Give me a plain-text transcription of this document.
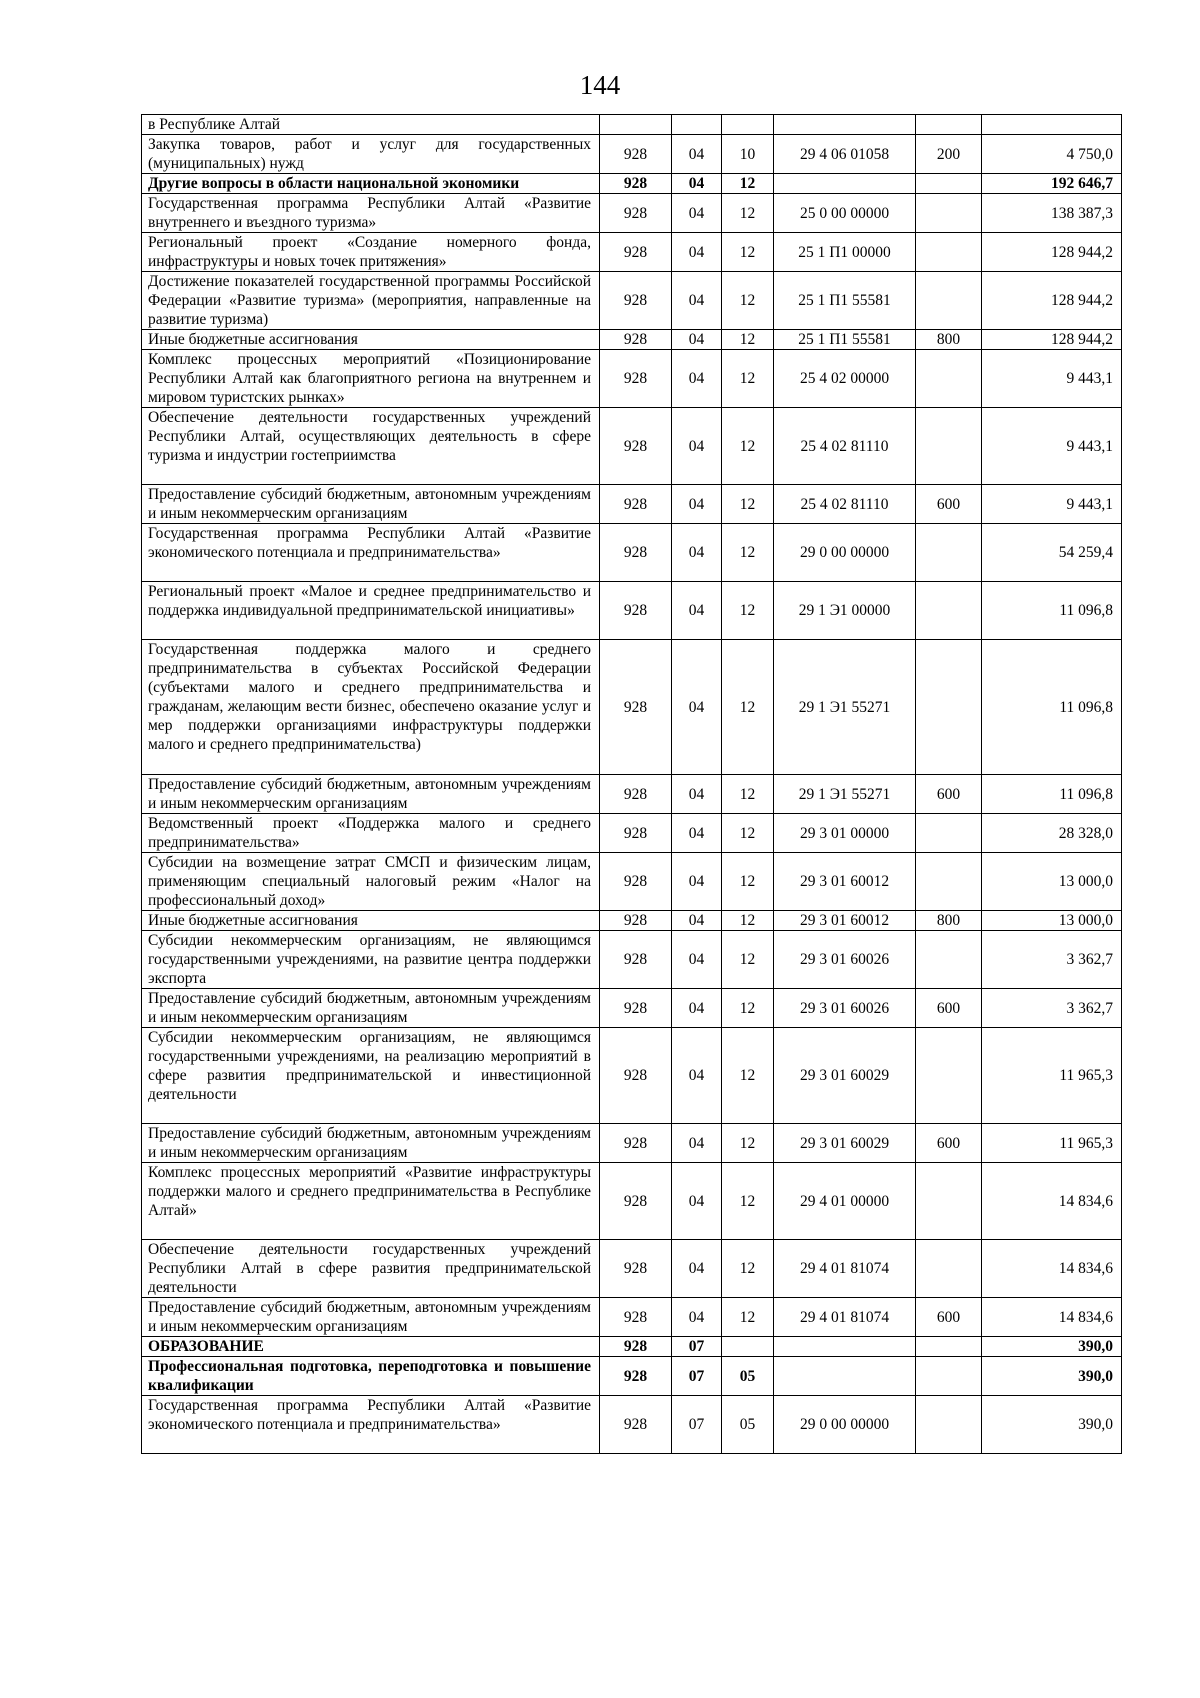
144
в Республике Алтай						
Закупка товаров, работ и услуг для государственных (муниципальных) нужд	928	04	10	29 4 06 01058	200	4 750,0
Другие вопросы в области национальной экономики	928	04	12			192 646,7
Государственная программа Республики Алтай «Развитие внутреннего и въездного туризма»	928	04	12	25 0 00 00000		138 387,3
Региональный проект «Создание номерного фонда, инфраструктуры и новых точек притяжения»	928	04	12	25 1 П1 00000		128 944,2
Достижение показателей государственной программы Российской Федерации «Развитие туризма» (мероприятия, направленные на развитие туризма)	928	04	12	25 1 П1 55581		128 944,2
Иные бюджетные ассигнования	928	04	12	25 1 П1 55581	800	128 944,2
Комплекс процессных мероприятий «Позиционирование Республики Алтай как благоприятного региона на внутреннем и мировом туристских рынках»	928	04	12	25 4 02 00000		9 443,1
Обеспечение деятельности государственных учреждений Республики Алтай, осуществляющих деятельность в сфере туризма и индустрии гостеприимства	928	04	12	25 4 02 81110		9 443,1
Предоставление субсидий бюджетным, автономным учреждениям и иным некоммерческим организациям	928	04	12	25 4 02 81110	600	9 443,1
Государственная программа Республики Алтай «Развитие экономического потенциала и предпринимательства»	928	04	12	29 0 00 00000		54 259,4
Региональный проект «Малое и среднее предпринимательство и поддержка индивидуальной предпринимательской инициативы»	928	04	12	29 1 Э1 00000		11 096,8
Государственная поддержка малого и среднего предпринимательства в субъектах Российской Федерации (субъектами малого и среднего предпринимательства и гражданам, желающим вести бизнес, обеспечено оказание услуг и мер поддержки организациями инфраструктуры поддержки малого и среднего предпринимательства)	928	04	12	29 1 Э1 55271		11 096,8
Предоставление субсидий бюджетным, автономным учреждениям и иным некоммерческим организациям	928	04	12	29 1 Э1 55271	600	11 096,8
Ведомственный проект «Поддержка малого и среднего предпринимательства»	928	04	12	29 3 01 00000		28 328,0
Субсидии на возмещение затрат СМСП и физическим лицам, применяющим специальный налоговый режим «Налог на профессиональный доход»	928	04	12	29 3 01 60012		13 000,0
Иные бюджетные ассигнования	928	04	12	29 3 01 60012	800	13 000,0
Субсидии некоммерческим организациям, не являющимся государственными учреждениями, на развитие центра поддержки экспорта	928	04	12	29 3 01 60026		3 362,7
Предоставление субсидий бюджетным, автономным учреждениям и иным некоммерческим организациям	928	04	12	29 3 01 60026	600	3 362,7
Субсидии некоммерческим организациям, не являющимся государственными учреждениями, на реализацию мероприятий в сфере развития предпринимательской и инвестиционной деятельности	928	04	12	29 3 01 60029		11 965,3
Предоставление субсидий бюджетным, автономным учреждениям и иным некоммерческим организациям	928	04	12	29 3 01 60029	600	11 965,3
Комплекс процессных мероприятий «Развитие инфраструктуры поддержки малого и среднего предпринимательства в Республике Алтай»	928	04	12	29 4 01 00000		14 834,6
Обеспечение деятельности государственных учреждений Республики Алтай в сфере развития предпринимательской деятельности	928	04	12	29 4 01 81074		14 834,6
Предоставление субсидий бюджетным, автономным учреждениям и иным некоммерческим организациям	928	04	12	29 4 01 81074	600	14 834,6
ОБРАЗОВАНИЕ	928	07				390,0
Профессиональная подготовка, переподготовка и повышение квалификации	928	07	05			390,0
Государственная программа Республики Алтай «Развитие экономического потенциала и предпринимательства»	928	07	05	29 0 00 00000		390,0
